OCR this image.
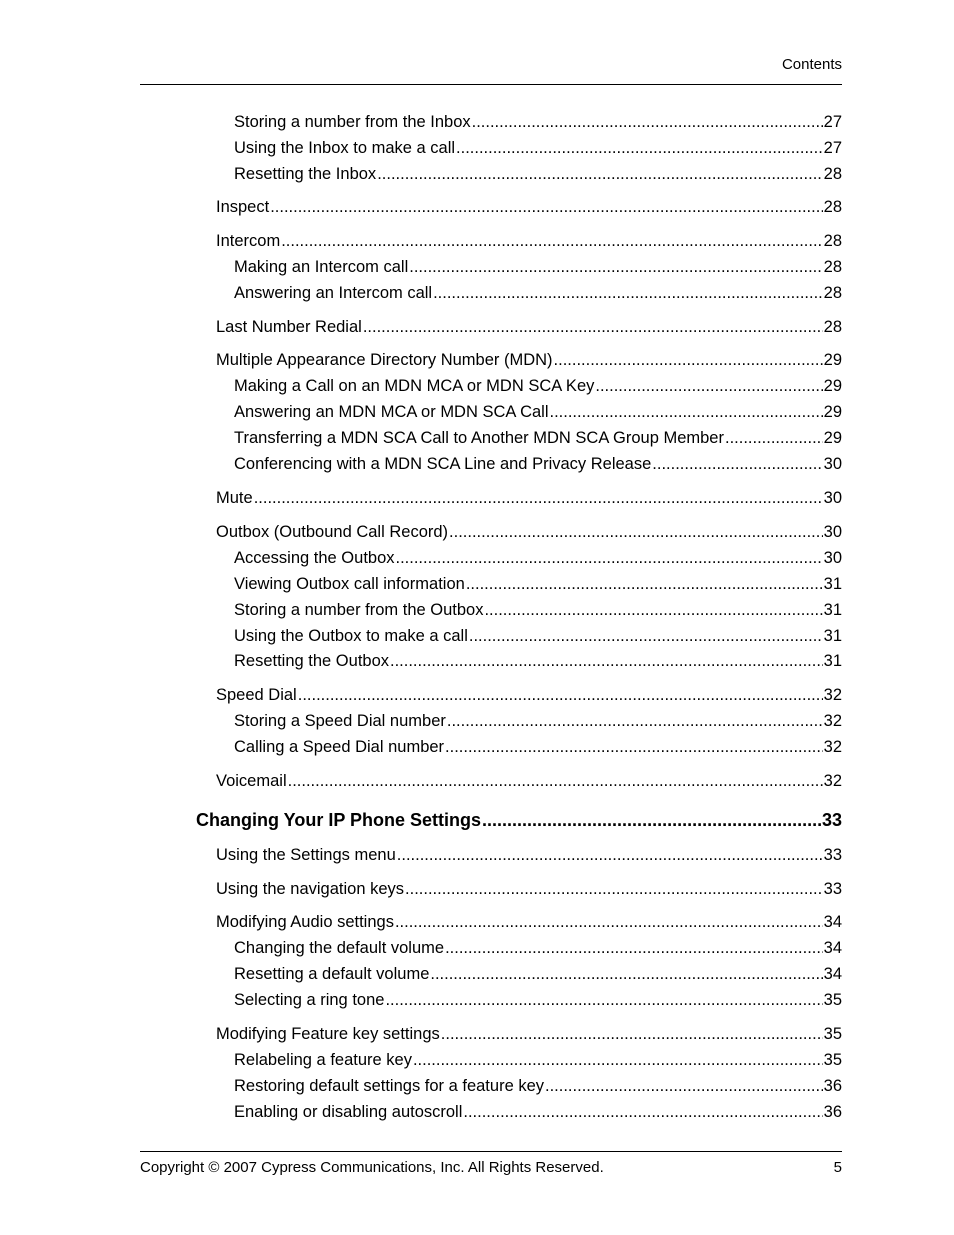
Contents
Storing a number from the Inbox .....	27
Using the Inbox to make a call .....	27
Resetting the Inbox .....	28
Inspect .....	28
Intercom .....	28
Making an Intercom call .....	28
Answering an Intercom call .....	28
Last Number Redial .....	28
Multiple Appearance Directory Number (MDN) .....	29
Making a Call on an MDN MCA or MDN SCA Key .....	29
Answering an MDN MCA or MDN SCA Call .....	29
Transferring a MDN SCA Call to Another MDN SCA Group Member .....	29
Conferencing with a MDN SCA Line and Privacy Release .....	30
Mute .....	30
Outbox (Outbound Call Record) .....	30
Accessing the Outbox .....	30
Viewing Outbox call information .....	31
Storing a number from the Outbox .....	31
Using the Outbox to make a call .....	31
Resetting the Outbox .....	31
Speed Dial .....	32
Storing a Speed Dial number .....	32
Calling a Speed Dial number .....	32
Voicemail .....	32
Changing Your IP Phone Settings .....	33
Using the Settings menu .....	33
Using the navigation keys .....	33
Modifying Audio settings .....	34
Changing the default volume .....	34
Resetting a default volume .....	34
Selecting a ring tone .....	35
Modifying Feature key settings .....	35
Relabeling a feature key .....	35
Restoring default settings for a feature key .....	36
Enabling or disabling autoscroll .....	36
Copyright © 2007 Cypress Communications, Inc. All Rights Reserved.	5
